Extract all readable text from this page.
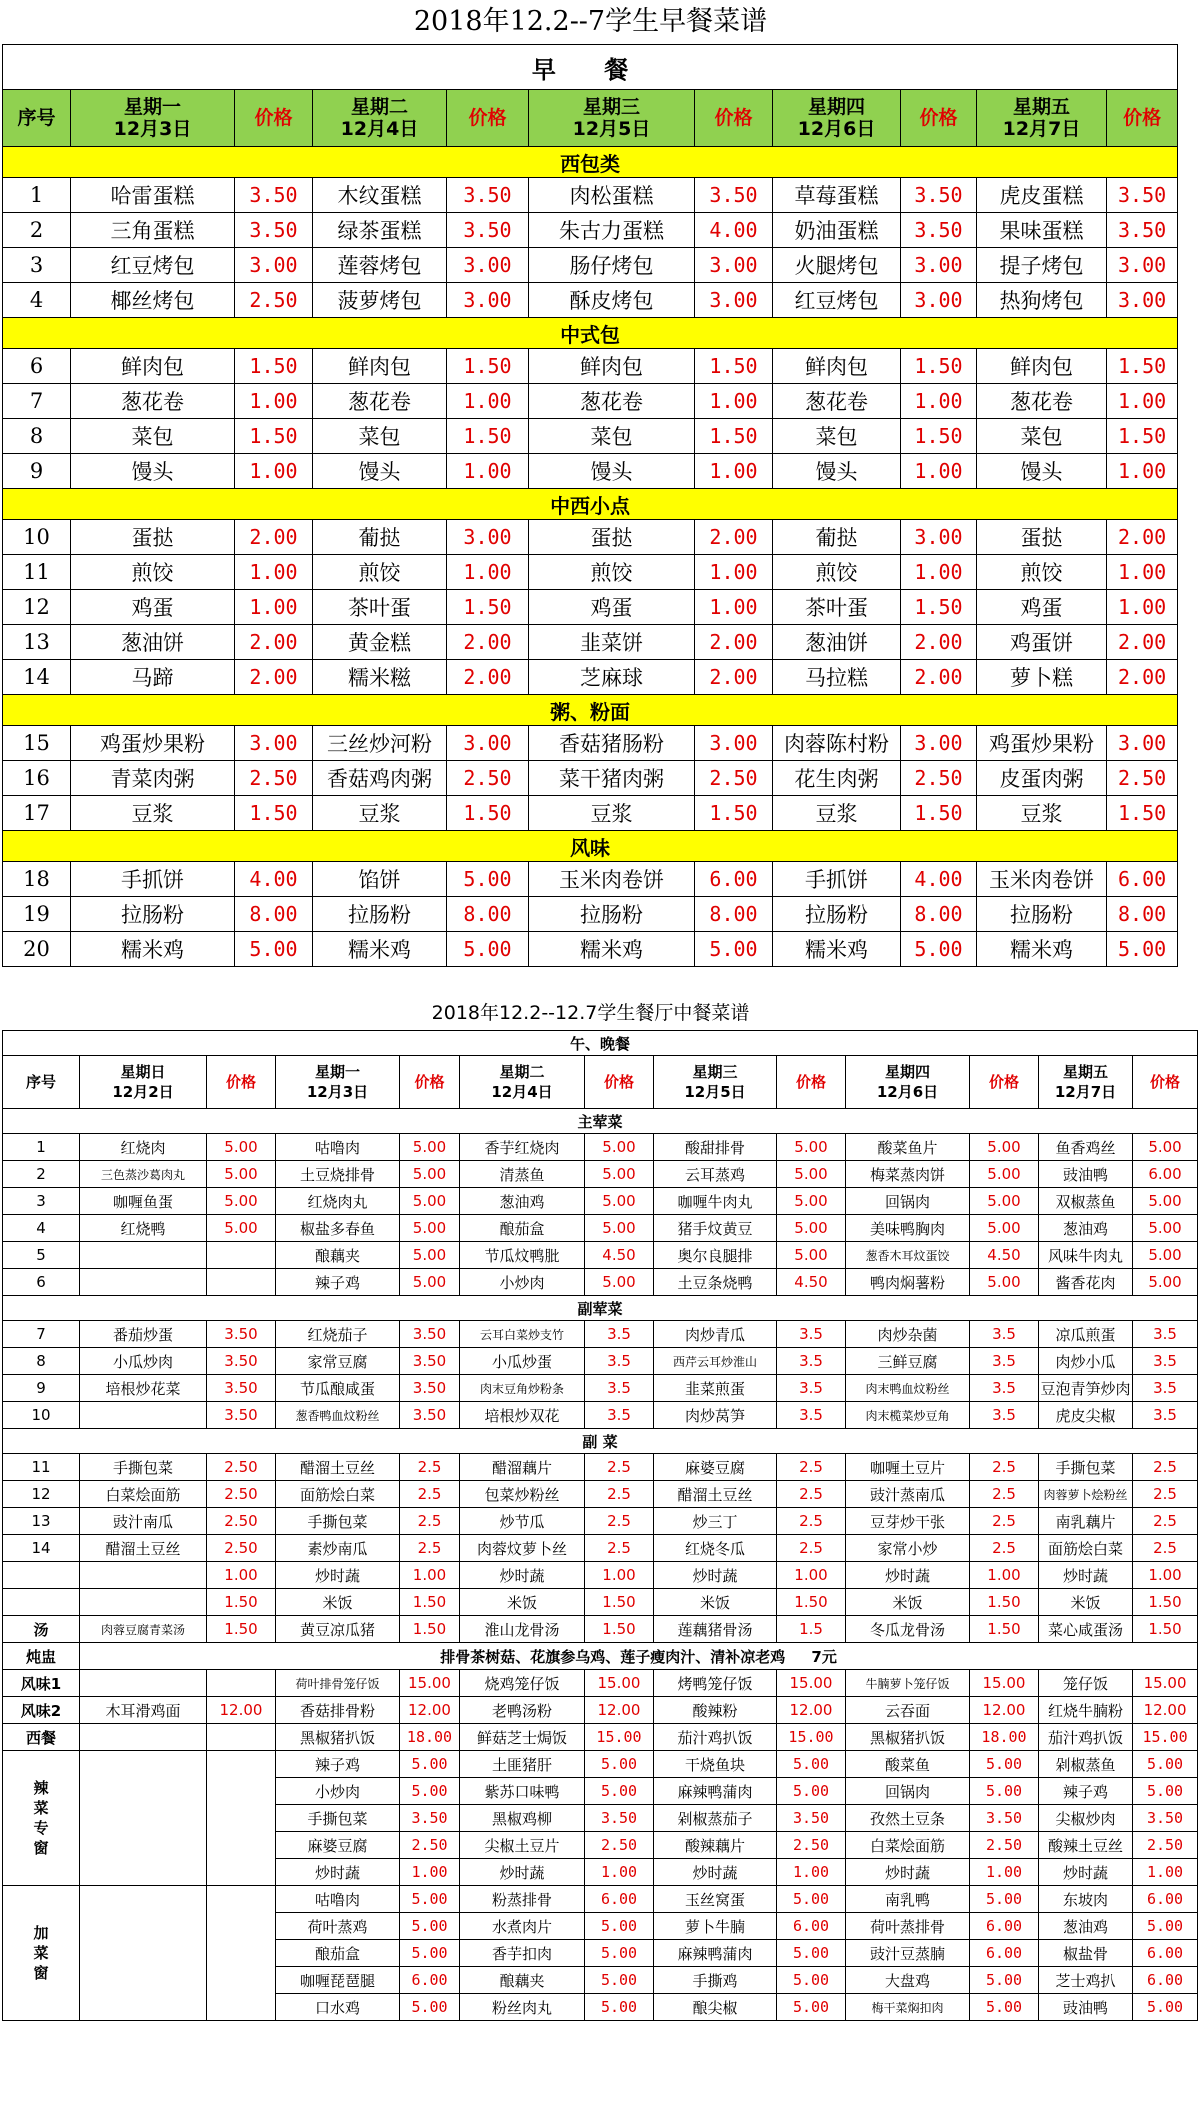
2018年12.2--7学生早餐菜谱
早 餐										
序号	星期一
12月3日	价格	星期二
12月4日	价格	星期三
12月5日	价格	星期四
12月6日	价格	星期五
12月7日	价格
西包类										
1	哈雷蛋糕	3.50	木纹蛋糕	3.50	肉松蛋糕	3.50	草莓蛋糕	3.50	虎皮蛋糕	3.50
2	三角蛋糕	3.50	绿茶蛋糕	3.50	朱古力蛋糕	4.00	奶油蛋糕	3.50	果味蛋糕	3.50
3	红豆烤包	3.00	莲蓉烤包	3.00	肠仔烤包	3.00	火腿烤包	3.00	提子烤包	3.00
4	椰丝烤包	2.50	菠萝烤包	3.00	酥皮烤包	3.00	红豆烤包	3.00	热狗烤包	3.00
中式包										
6	鲜肉包	1.50	鲜肉包	1.50	鲜肉包	1.50	鲜肉包	1.50	鲜肉包	1.50
7	葱花卷	1.00	葱花卷	1.00	葱花卷	1.00	葱花卷	1.00	葱花卷	1.00
8	菜包	1.50	菜包	1.50	菜包	1.50	菜包	1.50	菜包	1.50
9	馒头	1.00	馒头	1.00	馒头	1.00	馒头	1.00	馒头	1.00
中西小点										
10	蛋挞	2.00	葡挞	3.00	蛋挞	2.00	葡挞	3.00	蛋挞	2.00
11	煎饺	1.00	煎饺	1.00	煎饺	1.00	煎饺	1.00	煎饺	1.00
12	鸡蛋	1.00	茶叶蛋	1.50	鸡蛋	1.00	茶叶蛋	1.50	鸡蛋	1.00
13	葱油饼	2.00	黄金糕	2.00	韭菜饼	2.00	葱油饼	2.00	鸡蛋饼	2.00
14	马蹄	2.00	糯米糍	2.00	芝麻球	2.00	马拉糕	2.00	萝卜糕	2.00
粥、粉面										
15	鸡蛋炒果粉	3.00	三丝炒河粉	3.00	香菇猪肠粉	3.00	肉蓉陈村粉	3.00	鸡蛋炒果粉	3.00
16	青菜肉粥	2.50	香菇鸡肉粥	2.50	菜干猪肉粥	2.50	花生肉粥	2.50	皮蛋肉粥	2.50
17	豆浆	1.50	豆浆	1.50	豆浆	1.50	豆浆	1.50	豆浆	1.50
风味										
18	手抓饼	4.00	馅饼	5.00	玉米肉卷饼	6.00	手抓饼	4.00	玉米肉卷饼	6.00
19	拉肠粉	8.00	拉肠粉	8.00	拉肠粉	8.00	拉肠粉	8.00	拉肠粉	8.00
20	糯米鸡	5.00	糯米鸡	5.00	糯米鸡	5.00	糯米鸡	5.00	糯米鸡	5.00
2018年12.2--12.7学生餐厅中餐菜谱
午、晚餐												
序号	星期日
12月2日	价格	星期一
12月3日	价格	星期二
12月4日	价格	星期三
12月5日	价格	星期四
12月6日	价格	星期五
12月7日	价格
主荤菜												
1	红烧肉	5.00	咕噜肉	5.00	香芋红烧肉	5.00	酸甜排骨	5.00	酸菜鱼片	5.00	鱼香鸡丝	5.00
2	三色蒸沙葛肉丸	5.00	土豆烧排骨	5.00	清蒸鱼	5.00	云耳蒸鸡	5.00	梅菜蒸肉饼	5.00	豉油鸭	6.00
3	咖喱鱼蛋	5.00	红烧肉丸	5.00	葱油鸡	5.00	咖喱牛肉丸	5.00	回锅肉	5.00	双椒蒸鱼	5.00
4	红烧鸭	5.00	椒盐多春鱼	5.00	酿茄盒	5.00	猪手炆黄豆	5.00	美味鸭胸肉	5.00	葱油鸡	5.00
5			酿藕夹	5.00	节瓜炆鸭肶	4.50	奥尔良腿排	5.00	葱香木耳炆蛋饺	4.50	风味牛肉丸	5.00
6			辣子鸡	5.00	小炒肉	5.00	土豆条烧鸭	4.50	鸭肉焖薯粉	5.00	酱香花肉	5.00
副荤菜												
7	番茄炒蛋	3.50	红烧茄子	3.50	云耳白菜炒支竹	3.5	肉炒青瓜	3.5	肉炒杂菌	3.5	凉瓜煎蛋	3.5
8	小瓜炒肉	3.50	家常豆腐	3.50	小瓜炒蛋	3.5	西芹云耳炒淮山	3.5	三鲜豆腐	3.5	肉炒小瓜	3.5
9	培根炒花菜	3.50	节瓜酿咸蛋	3.50	肉末豆角炒粉条	3.5	韭菜煎蛋	3.5	肉末鸭血炆粉丝	3.5	豆泡青笋炒肉	3.5
10		3.50	葱香鸭血炆粉丝	3.50	培根炒双花	3.5	肉炒莴笋	3.5	肉末榄菜炒豆角	3.5	虎皮尖椒	3.5
副 菜												
11	手撕包菜	2.50	醋溜土豆丝	2.5	醋溜藕片	2.5	麻婆豆腐	2.5	咖喱土豆片	2.5	手撕包菜	2.5
12	白菜烩面筋	2.50	面筋烩白菜	2.5	包菜炒粉丝	2.5	醋溜土豆丝	2.5	豉汁蒸南瓜	2.5	肉蓉萝卜烩粉丝	2.5
13	豉汁南瓜	2.50	手撕包菜	2.5	炒节瓜	2.5	炒三丁	2.5	豆芽炒干张	2.5	南乳藕片	2.5
14	醋溜土豆丝	2.50	素炒南瓜	2.5	肉蓉炆萝卜丝	2.5	红烧冬瓜	2.5	家常小炒	2.5	面筋烩白菜	2.5
		1.00	炒时蔬	1.00	炒时蔬	1.00	炒时蔬	1.00	炒时蔬	1.00	炒时蔬	1.00
		1.50	米饭	1.50	米饭	1.50	米饭	1.50	米饭	1.50	米饭	1.50
汤	肉蓉豆腐青菜汤	1.50	黄豆凉瓜猪	1.50	淮山龙骨汤	1.50	莲藕猪骨汤	1.5	冬瓜龙骨汤	1.50	菜心咸蛋汤	1.50
炖盅	排骨茶树菇、花旗参乌鸡、莲子瘦肉汁、清补凉老鸡 7元											
风味1			荷叶排骨笼仔饭	15.00	烧鸡笼仔饭	15.00	烤鸭笼仔饭	15.00	牛腩萝卜笼仔饭	15.00	笼仔饭	15.00
风味2	木耳滑鸡面	12.00	香菇排骨粉	12.00	老鸭汤粉	12.00	酸辣粉	12.00	云吞面	12.00	红烧牛腩粉	12.00
西餐			黑椒猪扒饭	18.00	鲜菇芝士焗饭	15.00	茄汁鸡扒饭	15.00	黑椒猪扒饭	18.00	茄汁鸡扒饭	15.00
辣
菜
专
窗			辣子鸡	5.00	土匪猪肝	5.00	干烧鱼块	5.00	酸菜鱼	5.00	剁椒蒸鱼	5.00
			小炒肉	5.00	紫苏口味鸭	5.00	麻辣鸭蒲肉	5.00	回锅肉	5.00	辣子鸡	5.00
			手撕包菜	3.50	黑椒鸡柳	3.50	剁椒蒸茄子	3.50	孜然土豆条	3.50	尖椒炒肉	3.50
			麻婆豆腐	2.50	尖椒土豆片	2.50	酸辣藕片	2.50	白菜烩面筋	2.50	酸辣土豆丝	2.50
			炒时蔬	1.00	炒时蔬	1.00	炒时蔬	1.00	炒时蔬	1.00	炒时蔬	1.00
加
菜
窗			咕噜肉	5.00	粉蒸排骨	6.00	玉丝窝蛋	5.00	南乳鸭	5.00	东坡肉	6.00
			荷叶蒸鸡	5.00	水煮肉片	5.00	萝卜牛腩	6.00	荷叶蒸排骨	6.00	葱油鸡	5.00
			酿茄盒	5.00	香芋扣肉	5.00	麻辣鸭蒲肉	5.00	豉汁豆蒸腩	6.00	椒盐骨	6.00
			咖喱琵琶腿	6.00	酿藕夹	5.00	手撕鸡	5.00	大盘鸡	5.00	芝士鸡扒	6.00
			口水鸡	5.00	粉丝肉丸	5.00	酿尖椒	5.00	梅干菜焖扣肉	5.00	豉油鸭	5.00
